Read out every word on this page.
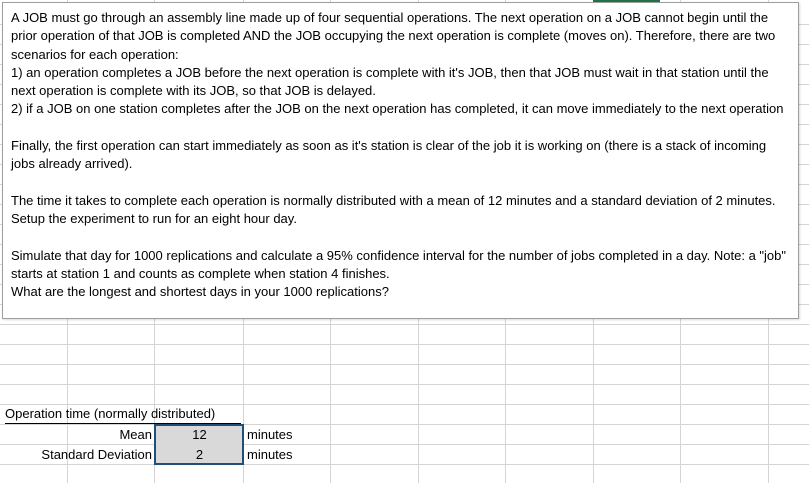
A JOB must go through an assembly line made up of four sequential operations. The next operation on a JOB cannot begin until the prior operation of that JOB is completed AND the JOB occupying the next operation is complete (moves on). Therefore, there are two scenarios for each operation:

1) an operation completes a JOB before the next operation is complete with it's JOB, then that JOB must wait in that station until the next operation is complete with its JOB, so that JOB is delayed.

2) if a JOB on one station completes after the JOB on the next operation has completed, it can move immediately to the next operation

Finally, the first operation can start immediately as soon as it's station is clear of the job it is working on (there is a stack of incoming jobs already arrived).

The time it takes to complete each operation is normally distributed with a mean of 12 minutes and a standard deviation of 2 minutes.  Setup the experiment to run for an eight hour day.

Simulate that day for 1000 replications and calculate a 95% confidence interval for the number of jobs completed in a day. Note: a "job" starts at station 1 and counts as complete when station 4 finishes.

What are the longest and shortest days in your 1000 replications?

Operation time (normally distributed)
Mean	12	minutes
Standard Deviation	2	minutes
